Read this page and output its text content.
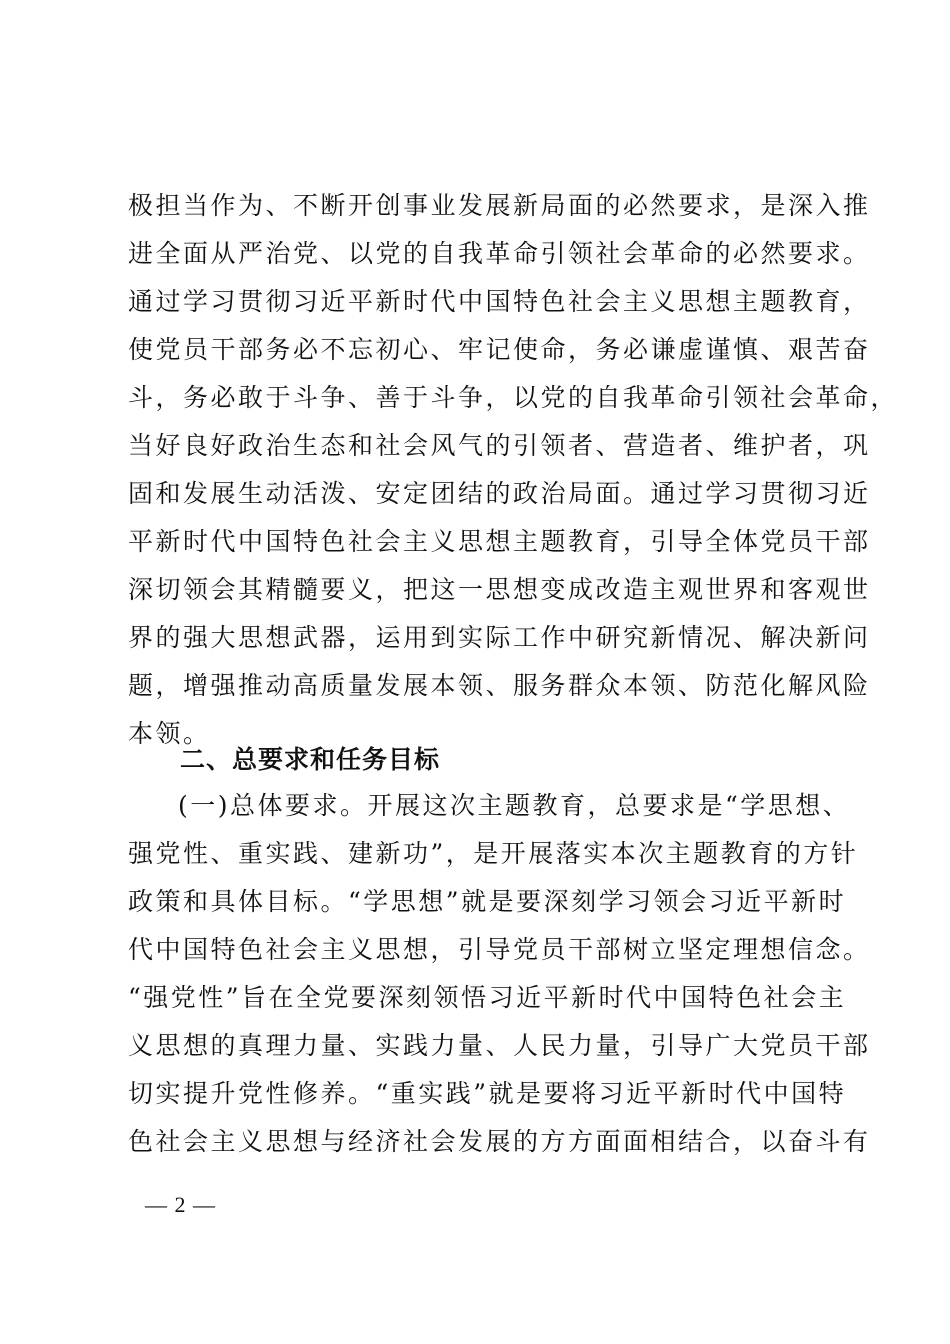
极担当作为、不断开创事业发展新局面的必然要求，是深入推
进全面从严治党、以党的自我革命引领社会革命的必然要求。
通过学习贯彻习近平新时代中国特色社会主义思想主题教育，
使党员干部务必不忘初心、牢记使命，务必谦虚谨慎、艰苦奋
斗，务必敢于斗争、善于斗争，以党的自我革命引领社会革命，
当好良好政治生态和社会风气的引领者、营造者、维护者，巩
固和发展生动活泼、安定团结的政治局面。通过学习贯彻习近
平新时代中国特色社会主义思想主题教育，引导全体党员干部
深切领会其精髓要义，把这一思想变成改造主观世界和客观世
界的强大思想武器，运用到实际工作中研究新情况、解决新问
题，增强推动高质量发展本领、服务群众本领、防范化解风险
本领。
二、总要求和任务目标
(一)总体要求。开展这次主题教育，总要求是“学思想、
强党性、重实践、建新功”，是开展落实本次主题教育的方针
政策和具体目标。“学思想”就是要深刻学习领会习近平新时
代中国特色社会主义思想，引导党员干部树立坚定理想信念。
“强党性”旨在全党要深刻领悟习近平新时代中国特色社会主
义思想的真理力量、实践力量、人民力量，引导广大党员干部
切实提升党性修养。“重实践”就是要将习近平新时代中国特
色社会主义思想与经济社会发展的方方面面相结合，以奋斗有
— 2 —
